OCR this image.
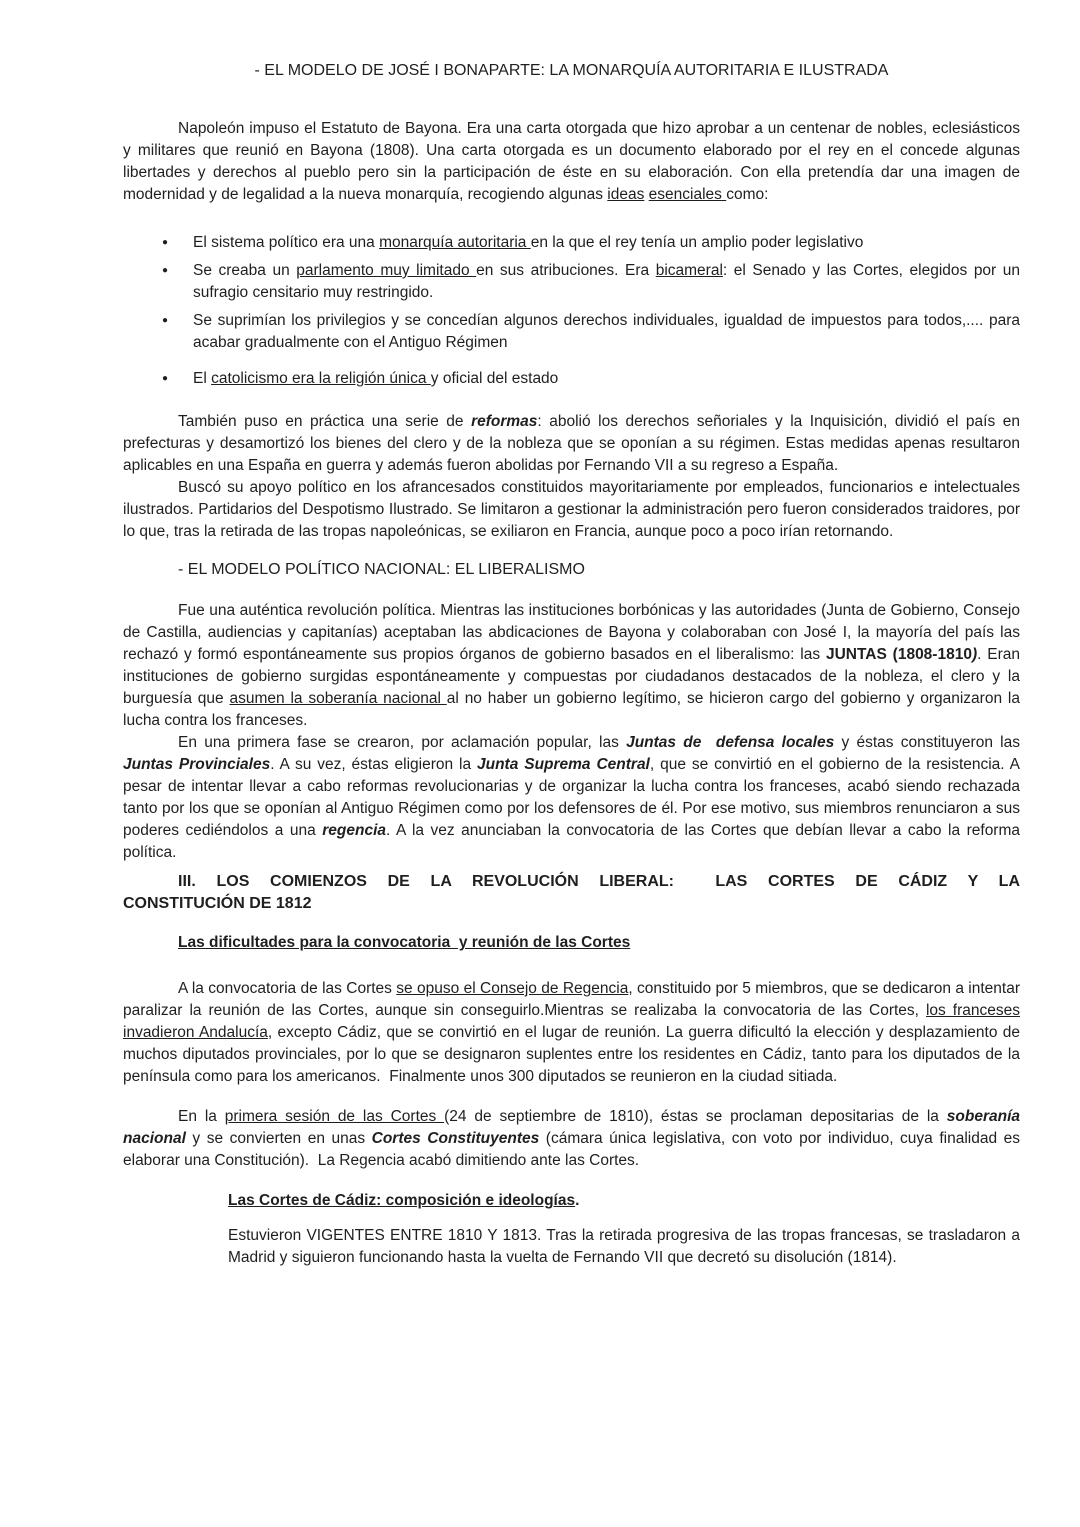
- EL MODELO DE JOSÉ I BONAPARTE: LA MONARQUÍA AUTORITARIA E ILUSTRADA

Napoleón impuso el Estatuto de Bayona. Era una carta otorgada que hizo aprobar a un centenar de nobles, eclesiásticos y militares que reunió en Bayona (1808). Una carta otorgada es un documento elaborado por el rey en el concede algunas libertades y derechos al pueblo pero sin la participación de éste en su elaboración. Con ella pretendía dar una imagen de modernidad y de legalidad a la nueva monarquía, recogiendo algunas ideas esenciales como:

●	El sistema político era una monarquía autoritaria en la que el rey tenía un amplio poder legislativo
●	Se creaba un parlamento muy limitado en sus atribuciones. Era bicameral: el Senado y las Cortes, elegidos por un sufragio censitario muy restringido.
●	Se suprimían los privilegios y se concedían algunos derechos individuales, igualdad de impuestos para todos,.... para acabar gradualmente con el Antiguo Régimen
●	El catolicismo era la religión única y oficial del estado

También puso en práctica una serie de reformas: abolió los derechos señoriales y la Inquisición, dividió el país en prefecturas y desamortizó los bienes del clero y de la nobleza que se oponían a su régimen. Estas medidas apenas resultaron aplicables en una España en guerra y además fueron abolidas por Fernando VII a su regreso a España.

Buscó su apoyo político en los afrancesados constituidos mayoritariamente por empleados, funcionarios e intelectuales ilustrados. Partidarios del Despotismo Ilustrado. Se limitaron a gestionar la administración pero fueron considerados traidores, por lo que, tras la retirada de las tropas napoleónicas, se exiliaron en Francia, aunque poco a poco irían retornando.

- EL MODELO POLÍTICO NACIONAL: EL LIBERALISMO

Fue una auténtica revolución política. Mientras las instituciones borbónicas y las autoridades (Junta de Gobierno, Consejo de Castilla, audiencias y capitanías) aceptaban las abdicaciones de Bayona y colaboraban con José I, la mayoría del país las rechazó y formó espontáneamente sus propios órganos de gobierno basados en el liberalismo: las JUNTAS (1808-1810). Eran instituciones de gobierno surgidas espontáneamente y compuestas por ciudadanos destacados de la nobleza, el clero y la burguesía que asumen la soberanía nacional al no haber un gobierno legítimo, se hicieron cargo del gobierno y organizaron la lucha contra los franceses.

En una primera fase se crearon, por aclamación popular, las Juntas de  defensa locales y éstas constituyeron las Juntas Provinciales. A su vez, éstas eligieron la Junta Suprema Central, que se convirtió en el gobierno de la resistencia. A pesar de intentar llevar a cabo reformas revolucionarias y de organizar la lucha contra los franceses, acabó siendo rechazada tanto por los que se oponían al Antiguo Régimen como por los defensores de él. Por ese motivo, sus miembros renunciaron a sus poderes cediéndolos a una regencia. A la vez anunciaban la convocatoria de las Cortes que debían llevar a cabo la reforma política.

III. LOS COMIENZOS DE LA REVOLUCIÓN LIBERAL:  LAS CORTES DE CÁDIZ Y LA
CONSTITUCIÓN DE 1812
Las dificultades para la convocatoria  y reunión de las Cortes

A la convocatoria de las Cortes se opuso el Consejo de Regencia, constituido por 5 miembros, que se dedicaron a intentar paralizar la reunión de las Cortes, aunque sin conseguirlo.Mientras se realizaba la convocatoria de las Cortes, los franceses invadieron Andalucía, excepto Cádiz, que se convirtió en el lugar de reunión. La guerra dificultó la elección y desplazamiento de muchos diputados provinciales, por lo que se designaron suplentes entre los residentes en Cádiz, tanto para los diputados de la península como para los americanos.  Finalmente unos 300 diputados se reunieron en la ciudad sitiada.

En la primera sesión de las Cortes (24 de septiembre de 1810), éstas se proclaman depositarias de la soberanía nacional y se convierten en unas Cortes Constituyentes (cámara única legislativa, con voto por individuo, cuya finalidad es elaborar una Constitución).  La Regencia acabó dimitiendo ante las Cortes.

Las Cortes de Cádiz: composición e ideologías.

Estuvieron VIGENTES ENTRE 1810 Y 1813. Tras la retirada progresiva de las tropas francesas, se trasladaron a Madrid y siguieron funcionando hasta la vuelta de Fernando VII que decretó su disolución (1814).
